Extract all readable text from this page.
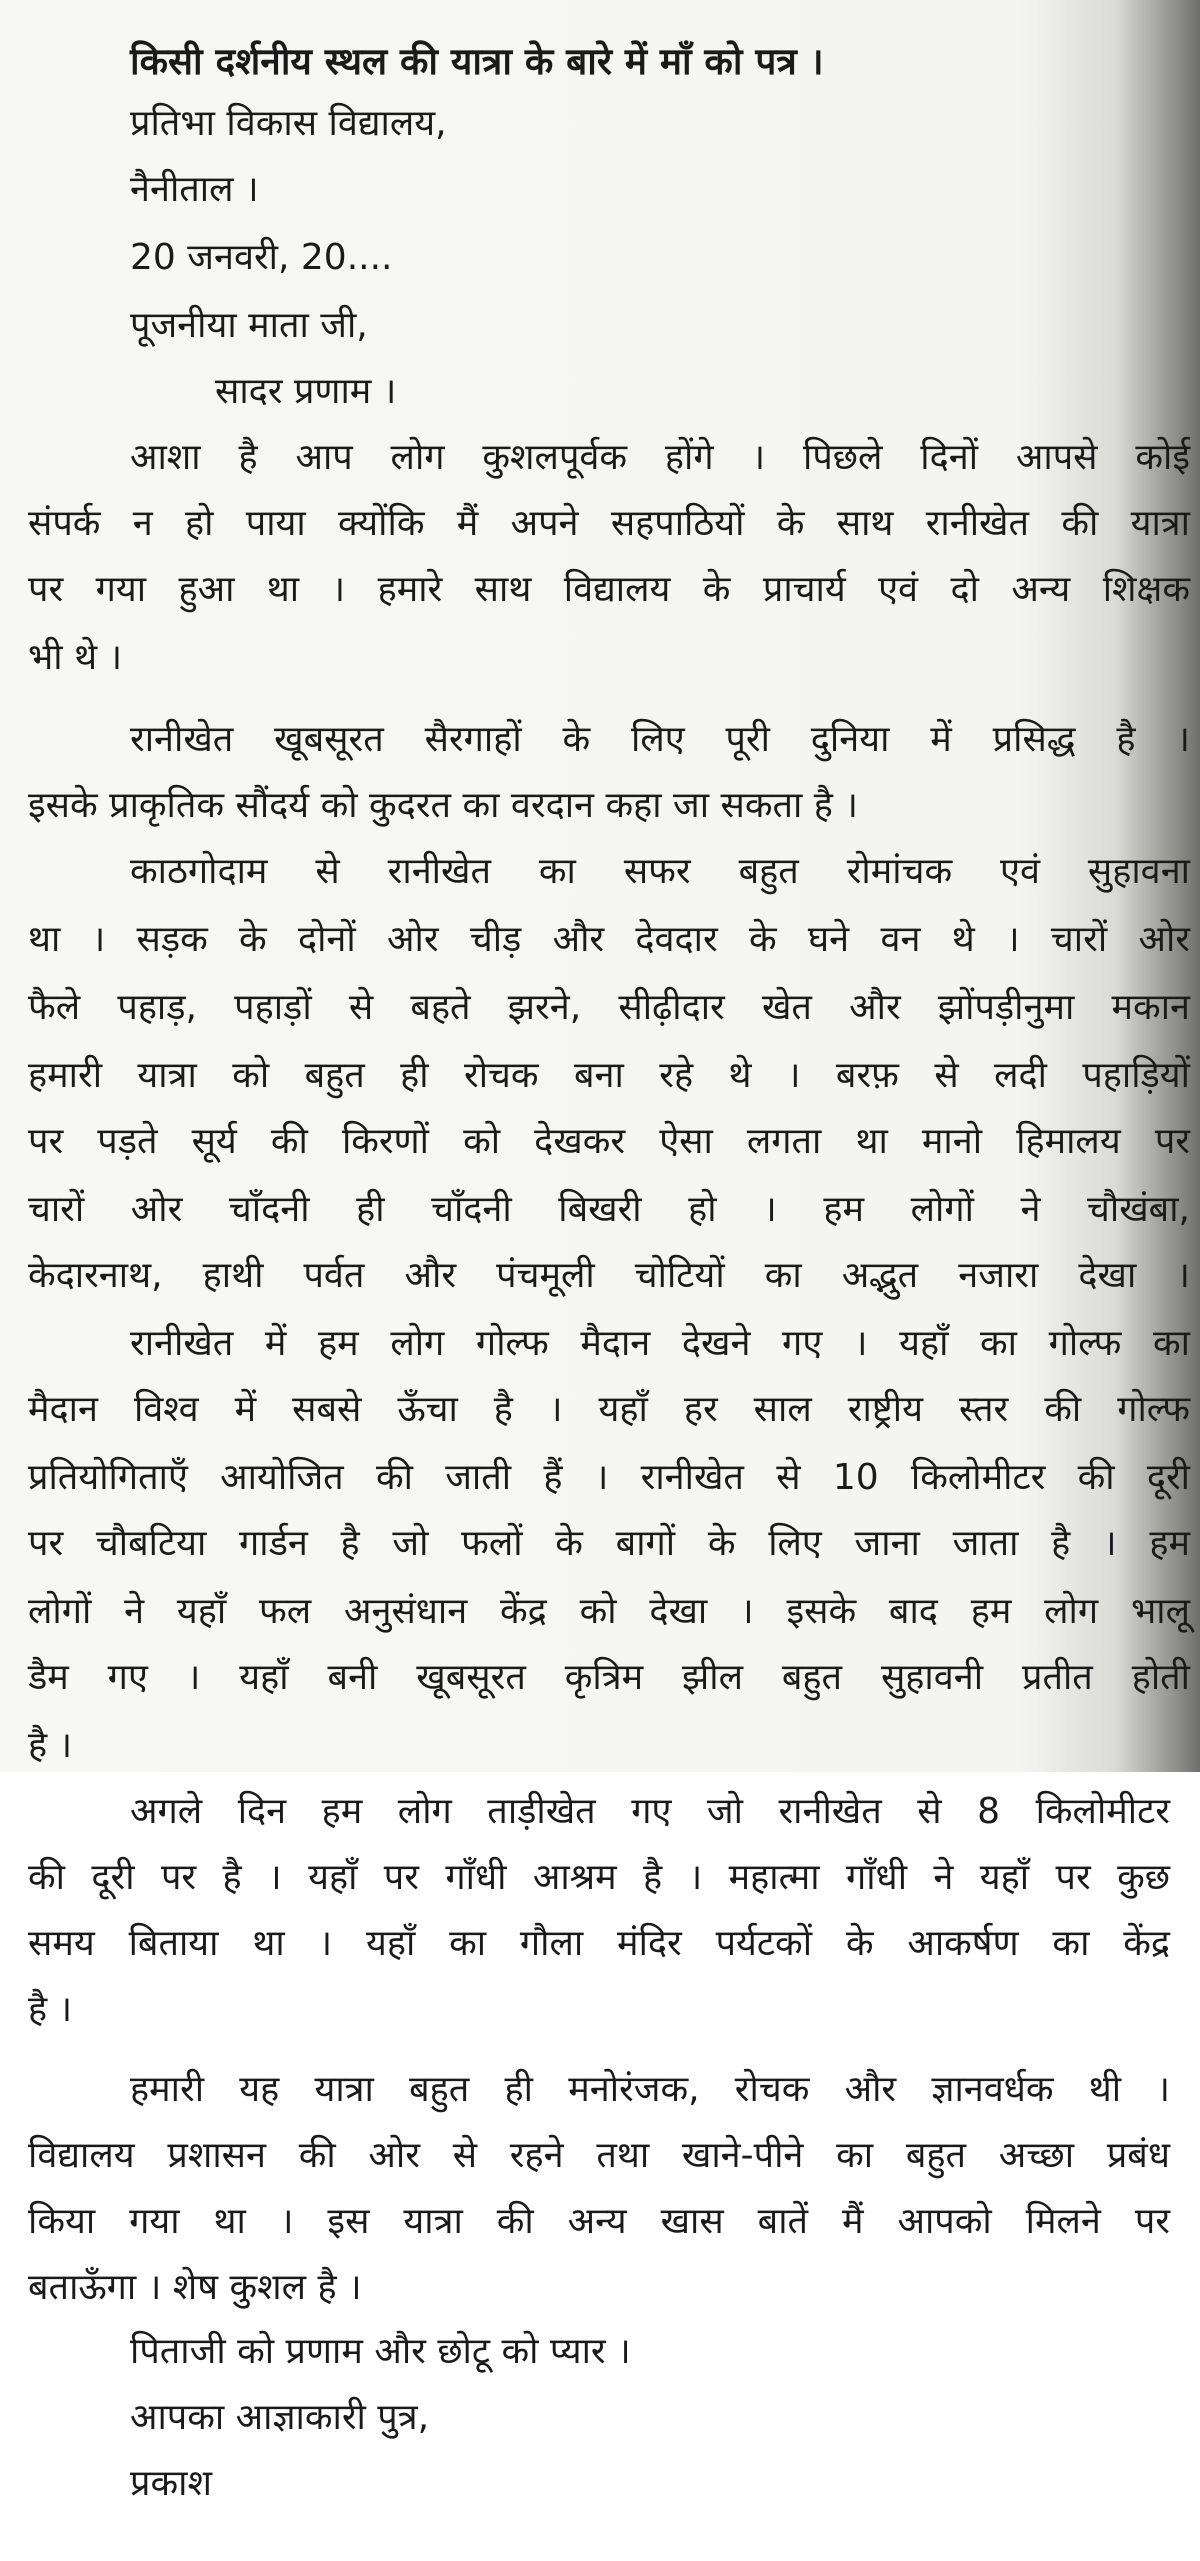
किसी दर्शनीय स्थल की यात्रा के बारे में माँ को पत्र ।
प्रतिभा विकास विद्यालय,
नैनीताल ।
20 जनवरी, 20....
पूजनीया माता जी,
सादर प्रणाम ।
आशा है आप लोग कुशलपूर्वक होंगे । पिछले दिनों आपसे कोई
संपर्क न हो पाया क्योंकि मैं अपने सहपाठियों के साथ रानीखेत की यात्रा
पर गया हुआ था । हमारे साथ विद्यालय के प्राचार्य एवं दो अन्य शिक्षक
भी थे ।
रानीखेत खूबसूरत सैरगाहों के लिए पूरी दुनिया में प्रसिद्ध है ।
इसके प्राकृतिक सौंदर्य को कुदरत का वरदान कहा जा सकता है ।
काठगोदाम से रानीखेत का सफर बहुत रोमांचक एवं सुहावना
था । सड़क के दोनों ओर चीड़ और देवदार के घने वन थे । चारों ओर
फैले पहाड़, पहाड़ों से बहते झरने, सीढ़ीदार खेत और झोंपड़ीनुमा मकान
हमारी यात्रा को बहुत ही रोचक बना रहे थे । बरफ़ से लदी पहाड़ियों
पर पड़ते सूर्य की किरणों को देखकर ऐसा लगता था मानो हिमालय पर
चारों ओर चाँदनी ही चाँदनी बिखरी हो । हम लोगों ने चौखंबा,
केदारनाथ, हाथी पर्वत और पंचमूली चोटियों का अद्भुत नजारा देखा ।
रानीखेत में हम लोग गोल्फ मैदान देखने गए । यहाँ का गोल्फ का
मैदान विश्व में सबसे ऊँचा है । यहाँ हर साल राष्ट्रीय स्तर की गोल्फ
प्रतियोगिताएँ आयोजित की जाती हैं । रानीखेत से 10 किलोमीटर की दूरी
पर चौबटिया गार्डन है जो फलों के बागों के लिए जाना जाता है । हम
लोगों ने यहाँ फल अनुसंधान केंद्र को देखा । इसके बाद हम लोग भालू
डैम गए । यहाँ बनी खूबसूरत कृत्रिम झील बहुत सुहावनी प्रतीत होती
है ।
अगले दिन हम लोग ताड़ीखेत गए जो रानीखेत से 8 किलोमीटर
की दूरी पर है । यहाँ पर गाँधी आश्रम है । महात्मा गाँधी ने यहाँ पर कुछ
समय बिताया था । यहाँ का गौला मंदिर पर्यटकों के आकर्षण का केंद्र
है ।
हमारी यह यात्रा बहुत ही मनोरंजक, रोचक और ज्ञानवर्धक थी ।
विद्यालय प्रशासन की ओर से रहने तथा खाने-पीने का बहुत अच्छा प्रबंध
किया गया था । इस यात्रा की अन्य खास बातें मैं आपको मिलने पर
बताऊँगा । शेष कुशल है ।
पिताजी को प्रणाम और छोटू को प्यार ।
आपका आज्ञाकारी पुत्र,
प्रकाश
